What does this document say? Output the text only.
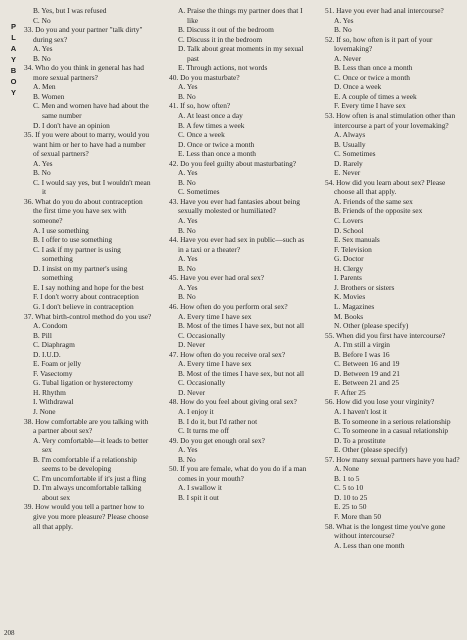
PLAYBOY
B. Yes, but I was refused
C. No
33. Do you and your partner "talk dirty" during sex?
A. Yes
B. No
34. Who do you think in general has had more sexual partners?
A. Men
B. Women
C. Men and women have had about the same number
D. I don't have an opinion
35. If you were about to marry, would you want him or her to have had a number of sexual partners?
A. Yes
B. No
C. I would say yes, but I wouldn't mean it
36. What do you do about contraception the first time you have sex with someone?
A. I use something
B. I offer to use something
C. I ask if my partner is using something
D. I insist on my partner's using something
E. I say nothing and hope for the best
F. I don't worry about contraception
G. I don't believe in contraception
37. What birth-control method do you use?
A. Condom
B. Pill
C. Diaphragm
D. I.U.D.
E. Foam or jelly
F. Vasectomy
G. Tubal ligation or hysterectomy
H. Rhythm
I. Withdrawal
J. None
38. How comfortable are you talking with a partner about sex?
A. Very comfortable—it leads to better sex
B. I'm comfortable if a relationship seems to be developing
C. I'm uncomfortable if it's just a fling
D. I'm always uncomfortable talking about sex
39. How would you tell a partner how to give you more pleasure? Please choose all that apply.
A. Praise the things my partner does that I like
B. Discuss it out of the bedroom
C. Discuss it in the bedroom
D. Talk about great moments in my sexual past
E. Through actions, not words
40. Do you masturbate?
A. Yes
B. No
41. If so, how often?
A. At least once a day
B. A few times a week
C. Once a week
D. Once or twice a month
E. Less than once a month
42. Do you feel guilty about masturbating?
A. Yes
B. No
C. Sometimes
43. Have you ever had fantasies about being sexually molested or humiliated?
A. Yes
B. No
44. Have you ever had sex in public—such as in a taxi or a theater?
A. Yes
B. No
45. Have you ever had oral sex?
A. Yes
B. No
46. How often do you perform oral sex?
A. Every time I have sex
B. Most of the times I have sex, but not all
C. Occasionally
D. Never
47. How often do you receive oral sex?
A. Every time I have sex
B. Most of the times I have sex, but not all
C. Occasionally
D. Never
48. How do you feel about giving oral sex?
A. I enjoy it
B. I do it, but I'd rather not
C. It turns me off
49. Do you get enough oral sex?
A. Yes
B. No
50. If you are female, what do you do if a man comes in your mouth?
A. I swallow it
B. I spit it out
51. Have you ever had anal intercourse?
A. Yes
B. No
52. If so, how often is it part of your lovemaking?
A. Never
B. Less than once a month
C. Once or twice a month
D. Once a week
E. A couple of times a week
F. Every time I have sex
53. How often is anal stimulation other than intercourse a part of your lovemaking?
A. Always
B. Usually
C. Sometimes
D. Rarely
E. Never
54. How did you learn about sex? Please choose all that apply.
A. Friends of the same sex
B. Friends of the opposite sex
C. Lovers
D. School
E. Sex manuals
F. Television
G. Doctor
H. Clergy
I. Parents
J. Brothers or sisters
K. Movies
L. Magazines
M. Books
N. Other (please specify)
55. When did you first have intercourse?
A. I'm still a virgin
B. Before I was 16
C. Between 16 and 19
D. Between 19 and 21
E. Between 21 and 25
F. After 25
56. How did you lose your virginity?
A. I haven't lost it
B. To someone in a serious relationship
C. To someone in a casual relationship
D. To a prostitute
E. Other (please specify)
57. How many sexual partners have you had?
A. None
B. 1 to 5
C. 5 to 10
D. 10 to 25
E. 25 to 50
F. More than 50
58. What is the longest time you've gone without intercourse?
A. Less than one month
208
